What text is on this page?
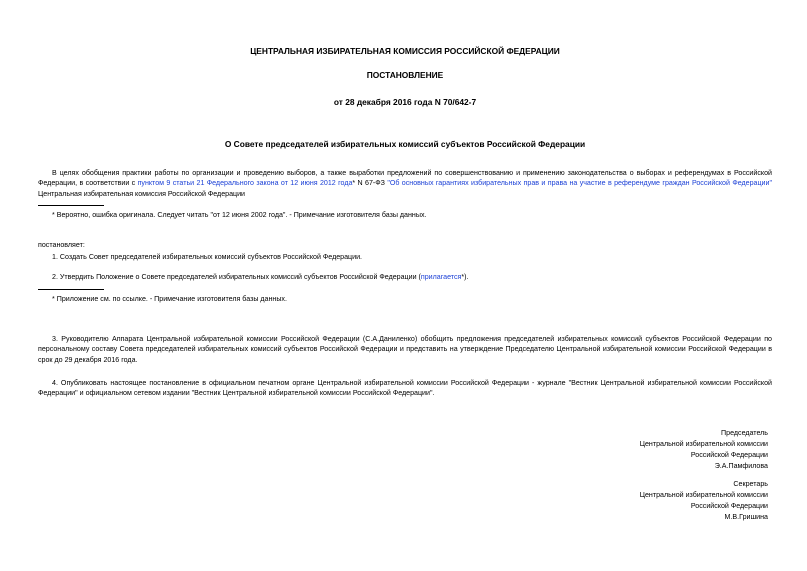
ЦЕНТРАЛЬНАЯ ИЗБИРАТЕЛЬНАЯ КОМИССИЯ РОССИЙСКОЙ ФЕДЕРАЦИИ
ПОСТАНОВЛЕНИЕ
от 28 декабря 2016 года N 70/642-7
О Совете председателей избирательных комиссий субъектов Российской Федерации
В целях обобщения практики работы по организации и проведению выборов, а также выработки предложений по совершенствованию и применению законодательства о выборах и референдумах в Российской Федерации, в соответствии с пунктом 9 статьи 21 Федерального закона от 12 июня 2012 года* N 67-ФЗ "Об основных гарантиях избирательных прав и права на участие в референдуме граждан Российской Федерации" Центральная избирательная комиссия Российской Федерации
* Вероятно, ошибка оригинала. Следует читать "от 12 июня 2002 года". - Примечание изготовителя базы данных.
постановляет:
1. Создать Совет председателей избирательных комиссий субъектов Российской Федерации.
2. Утвердить Положение о Совете председателей избирательных комиссий субъектов Российской Федерации (прилагается*).
* Приложение см. по ссылке. - Примечание изготовителя базы данных.
3. Руководителю Аппарата Центральной избирательной комиссии Российской Федерации (С.А.Даниленко) обобщить предложения председателей избирательных комиссий субъектов Российской Федерации по персональному составу Совета председателей избирательных комиссий субъектов Российской Федерации и представить на утверждение Председателю Центральной избирательной комиссии Российской Федерации в срок до 29 декабря 2016 года.
4. Опубликовать настоящее постановление в официальном печатном органе Центральной избирательной комиссии Российской Федерации - журнале "Вестник Центральной избирательной комиссии Российской Федерации" и официальном сетевом издании "Вестник Центральной избирательной комиссии Российской Федерации".
Председатель
Центральной избирательной комиссии
Российской Федерации
Э.А.Памфилова
Секретарь
Центральной избирательной комиссии
Российской Федерации
М.В.Гришина
